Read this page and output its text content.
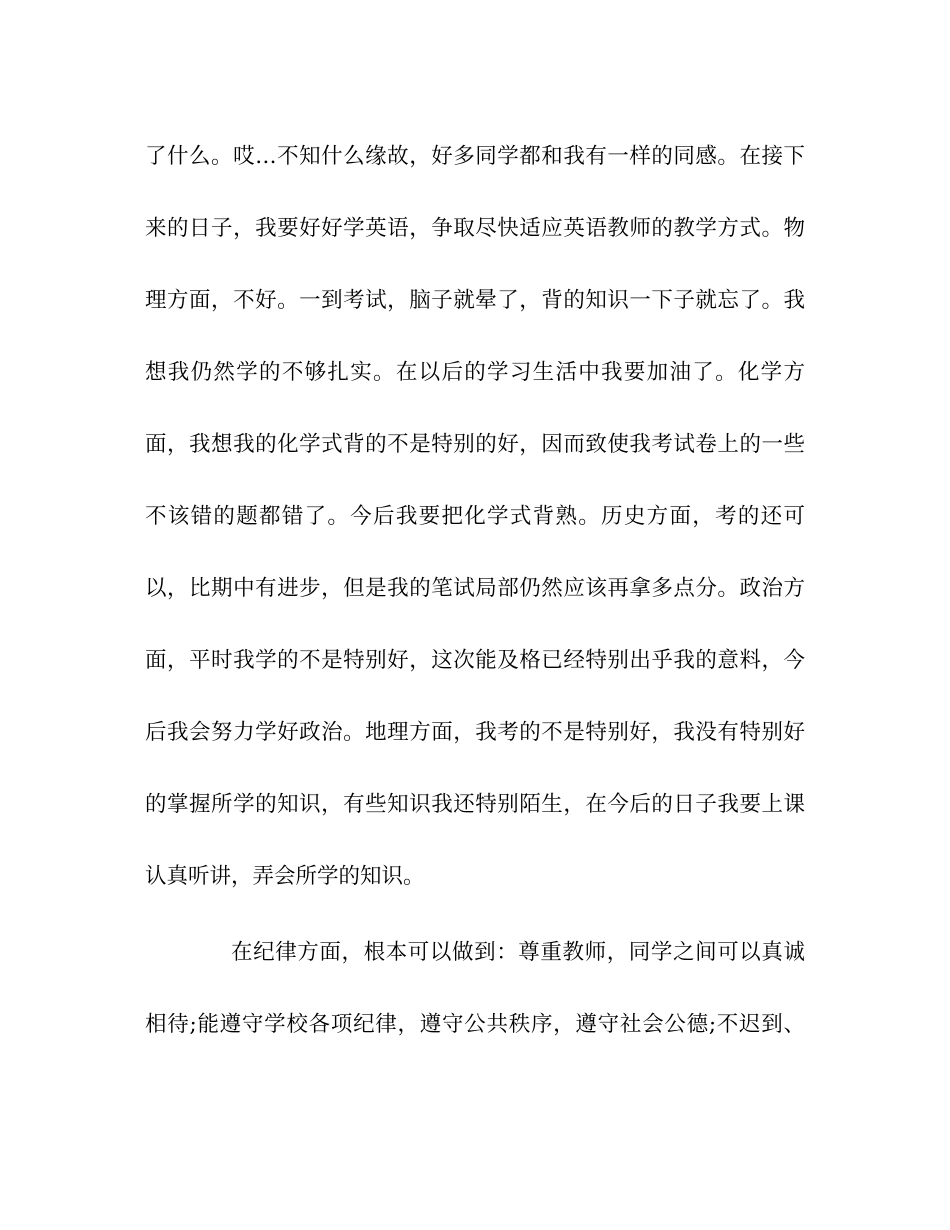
了什么。哎…不知什么缘故，好多同学都和我有一样的同感。在接下
来的日子，我要好好学英语，争取尽快适应英语教师的教学方式。物
理方面，不好。一到考试，脑子就晕了，背的知识一下子就忘了。我
想我仍然学的不够扎实。在以后的学习生活中我要加油了。化学方
面，我想我的化学式背的不是特别的好，因而致使我考试卷上的一些
不该错的题都错了。今后我要把化学式背熟。历史方面，考的还可
以，比期中有进步，但是我的笔试局部仍然应该再拿多点分。政治方
面，平时我学的不是特别好，这次能及格已经特别出乎我的意料，今
后我会努力学好政治。地理方面，我考的不是特别好，我没有特别好
的掌握所学的知识，有些知识我还特别陌生，在今后的日子我要上课
认真听讲，弄会所学的知识。
在纪律方面，根本可以做到：尊重教师，同学之间可以真诚
相待;能遵守学校各项纪律，遵守公共秩序，遵守社会公德;不迟到、
